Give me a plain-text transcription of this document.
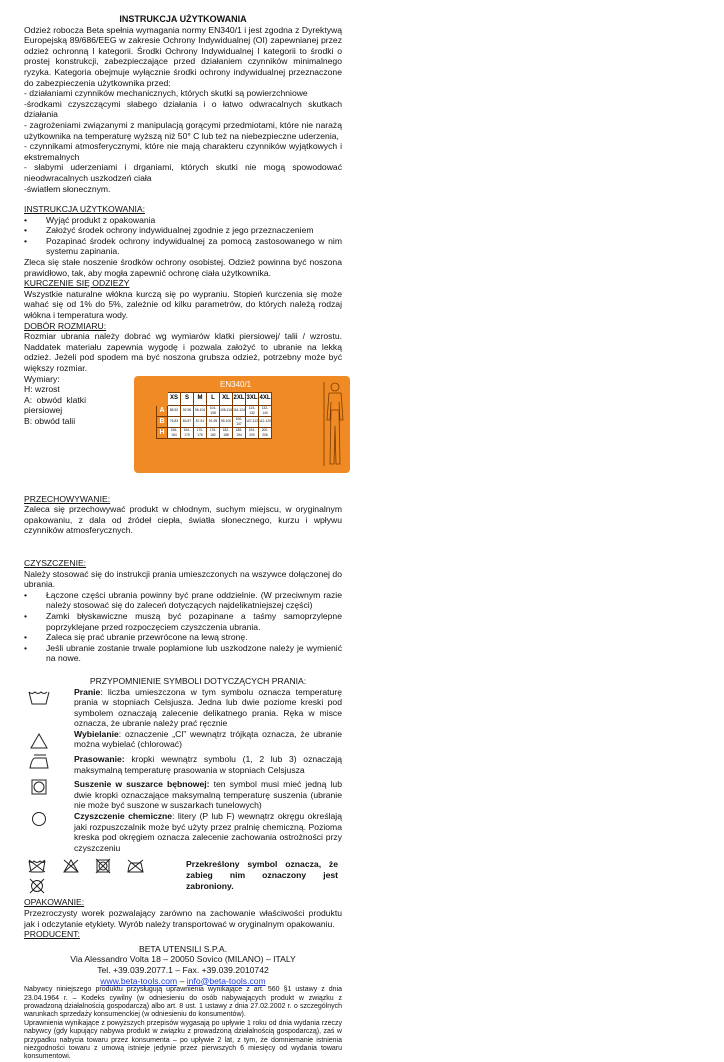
INSTRUKCJA UŻYTKOWANIA

Odzież robocza Beta spełnia wymagania normy EN340/1 i jest zgodna z Dyrektywą Europejską 89/686/EEG w zakresie Ochrony Indywidualnej (OI) zapewnianej przez odzież ochronną I kategorii. Środki Ochrony Indywidualnej I kategorii to środki o prostej konstrukcji, zabezpieczające przed działaniem czynników minimalnego ryzyka. Kategoria obejmuje wyłącznie środki ochrony indywidualnej przeznaczone do zabezpieczenia użytkownika przed:

- działaniami czynników mechanicznych, których skutki są powierzchniowe

-środkami czyszczącymi słabego działania i o łatwo odwracalnych skutkach działania

- zagrożeniami związanymi z manipulacją gorącymi przedmiotami, które nie narażą użytkownika na temperaturę wyższą niż 50° C lub też na niebezpieczne uderzenia,

- czynnikami atmosferycznymi, które nie mają charakteru czynników wyjątkowych i ekstremalnych

- słabymi uderzeniami i drganiami, których skutki nie mogą spowodować nieodwracalnych uszkodzeń ciała

-światłem słonecznym.

INSTRUKCJA UŻYTKOWANIA:

• Wyjąć produkt z opakowania
• Założyć środek ochrony indywidualnej zgodnie z jego przeznaczeniem
• Pozapinać środek ochrony indywidualnej za pomocą zastosowanego w nim systemu zapinania.

Zleca się stałe noszenie środków ochrony osobistej. Odzież powinna być noszona prawidłowo, tak, aby mogła zapewnić ochronę ciała użytkownika.

KURCZENIE SIĘ ODZIEŻY

Wszystkie naturalne włókna kurczą się po wypraniu. Stopień kurczenia się może wahać się od 1% do 5%, zależnie od kilku parametrów, do których należą rodzaj włókna i temperatura wody.

DOBÓR ROZMIARU:

Rozmiar ubrania należy dobrać wg wymiarów klatki piersiowej/ talii / wzrostu. Naddatek materiału zapewnia wygodę i pozwala założyć to ubranie na lekką odzież. Jeżeli pod spodem ma być noszona grubsza odzież, potrzebny może być większy rozmiar.

Wymiary:

H: wzrost

A: obwód klatki piersiowej

B: obwód talii	Beta
EN340/1
	XS	S	M	L	XL	2XL	3XL	4XL
A	88-92	92-96	96-104	104-108	108-116	116-124	124-132	132-140
B	76-83	83-87	87-91	91-95	95-100	100-107	107-112	112-120
H	156-164	164-170	170-176	176-182	182-188	188-194	194-200	200-206

PRZECHOWYWANIE:

Zaleca się przechowywać produkt w chłodnym, suchym miejscu, w oryginalnym opakowaniu, z dala od źródeł ciepła, światła słonecznego, kurzu i wpływu czynników atmosferycznych.

CZYSZCZENIE:

Należy stosować się do instrukcji prania umieszczonych na wszywce dołączonej do ubrania.

• Łączone części ubrania powinny być prane oddzielnie. (W przeciwnym razie należy stosować się do zaleceń dotyczących najdelikatniejszej części)
• Zamki błyskawiczne muszą być pozapinane a taśmy samoprzylepne poprzyklejane przed rozpoczęciem czyszczenia ubrania.
• Zaleca się prać ubranie przewrócone na lewą stronę.
• Jeśli ubranie zostanie trwale poplamione lub uszkodzone należy je wymienić na nowe.

PRZYPOMNIENIE SYMBOLI DOTYCZĄCYCH PRANIA:

Pranie: liczba umieszczona w tym symbolu oznacza temperaturę prania w stopniach Celsjusza. Jedna lub dwie poziome kreski pod symbolem oznaczają zalecenie delikatnego prania. Ręka w misce oznacza, że ubranie należy prać ręcznie

Wybielanie: oznaczenie „Cl” wewnątrz trójkąta oznacza, że ubranie można wybielać (chlorować)

Prasowanie: kropki wewnątrz symbolu (1, 2 lub 3) oznaczają maksymalną temperaturę prasowania w stopniach Celsjusza

Suszenie w suszarce bębnowej: ten symbol musi mieć jedną lub dwie kropki oznaczające maksymalną temperaturę suszenia (ubranie nie może być suszone w suszarkach tunelowych)

Czyszczenie chemiczne: litery (P lub F) wewnątrz okręgu określają jaki rozpuszczalnik może być użyty przez pralnię chemiczną. Pozioma kreska pod okręgiem oznacza zalecenie zachowania ostrożności przy czyszczeniu

Przekreślony symbol oznacza, że zabieg nim oznaczony jest zabroniony.

OPAKOWANIE:

Przezroczysty worek pozwalający zarówno na zachowanie właściwości produktu jak i odczytanie etykiety. Wyrób należy transportować w oryginalnym opakowaniu.

PRODUCENT:

BETA UTENSILI S.P.A.

Via Alessandro Volta 18 – 20050 Sovico (MILANO) – ITALY

Tel. +39.039.2077.1 – Fax. +39.039.2010742

www.beta-tools.com – info@beta-tools.com

Nabywcy niniejszego produktu przysługują uprawnienia wynikające z art. 560 §1 ustawy z dnia 23.04.1964 r. – Kodeks cywilny (w odniesieniu do osób nabywających produkt w związku z prowadzoną działalnością gospodarczą) albo art. 8 ust. 1 ustawy z dnia 27.02.2002 r. o szczególnych warunkach sprzedaży konsumenckiej (w odniesieniu do konsumentów).

Uprawnienia wynikające z powyższych przepisów wygasają po upływie 1 roku od dnia wydania rzeczy nabywcy (gdy kupujący nabywa produkt w związku z prowadzoną działalnością gospodarczą), zaś w przypadku nabycia towaru przez konsumenta – po upływie 2 lat, z tym, że domniemanie istnienia niezgodności towaru z umową istnieje jedynie przez pierwszych 6 miesięcy od wydania towaru konsumentowi.
